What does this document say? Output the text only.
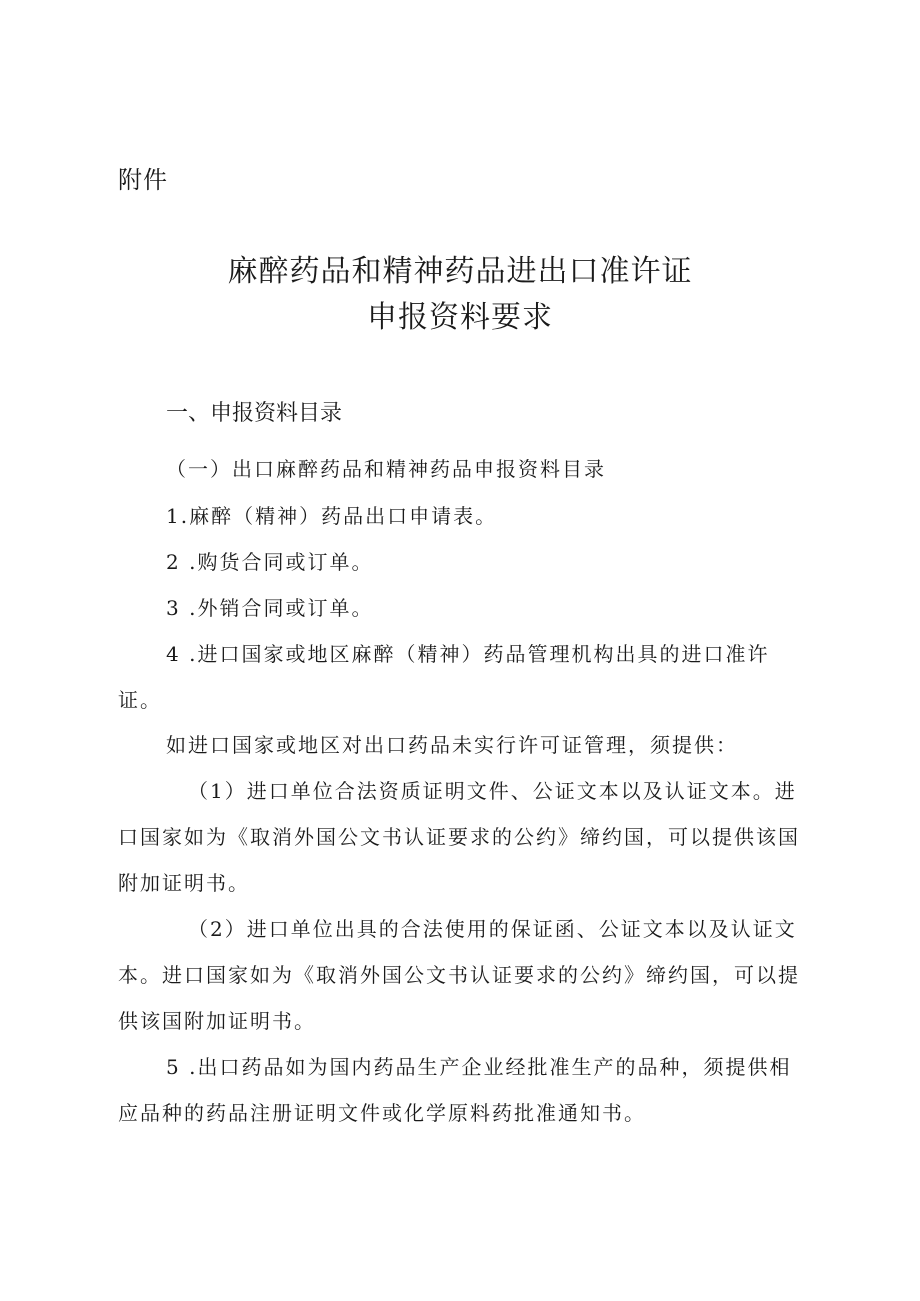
附件
麻醉药品和精神药品进出口准许证
申报资料要求
一、申报资料目录
（一）出口麻醉药品和精神药品申报资料目录
1.麻醉（精神）药品出口申请表。
2 .购货合同或订单。
3 .外销合同或订单。
4 .进口国家或地区麻醉（精神）药品管理机构出具的进口准许证。
如进口国家或地区对出口药品未实行许可证管理，须提供：
（1）进口单位合法资质证明文件、公证文本以及认证文本。进口国家如为《取消外国公文书认证要求的公约》缔约国，可以提供该国附加证明书。
（2）进口单位出具的合法使用的保证函、公证文本以及认证文本。进口国家如为《取消外国公文书认证要求的公约》缔约国，可以提供该国附加证明书。
5 .出口药品如为国内药品生产企业经批准生产的品种，须提供相应品种的药品注册证明文件或化学原料药批准通知书。
